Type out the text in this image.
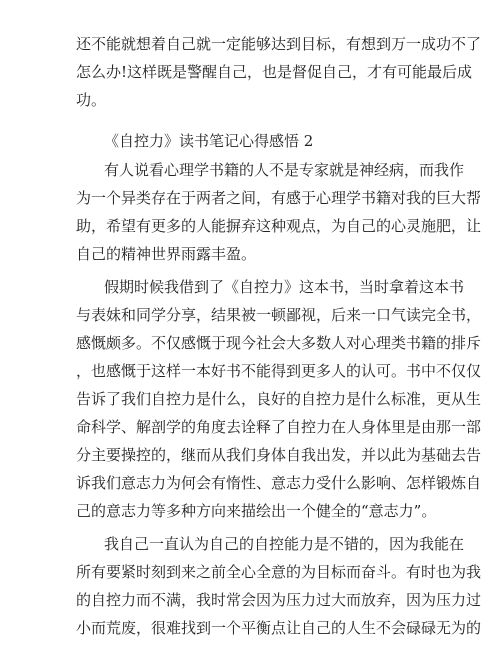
还不能就想着自己就一定能够达到目标，有想到万一成功不了
怎么办!这样既是警醒自己，也是督促自己，才有可能最后成
功。
《自控力》读书笔记心得感悟 2
有人说看心理学书籍的人不是专家就是神经病，而我作
为一个异类存在于两者之间，有感于心理学书籍对我的巨大帮
助，希望有更多的人能摒弃这种观点，为自己的心灵施肥，让
自己的精神世界雨露丰盈。
假期时候我借到了《自控力》这本书，当时拿着这本书
与表妹和同学分享，结果被一顿鄙视，后来一口气读完全书，
感慨颇多。不仅感慨于现今社会大多数人对心理类书籍的排斥
，也感慨于这样一本好书不能得到更多人的认可。书中不仅仅
告诉了我们自控力是什么，良好的自控力是什么标准，更从生
命科学、解剖学的角度去诠释了自控力在人身体里是由那一部
分主要操控的，继而从我们身体自我出发，并以此为基础去告
诉我们意志力为何会有惰性、意志力受什么影响、怎样锻炼自
己的意志力等多种方向来描绘出一个健全的“意志力”。
我自己一直认为自己的自控能力是不错的，因为我能在
所有要紧时刻到来之前全心全意的为目标而奋斗。有时也为我
的自控力而不满，我时常会因为压力过大而放弃，因为压力过
小而荒废，很难找到一个平衡点让自己的人生不会碌碌无为的
